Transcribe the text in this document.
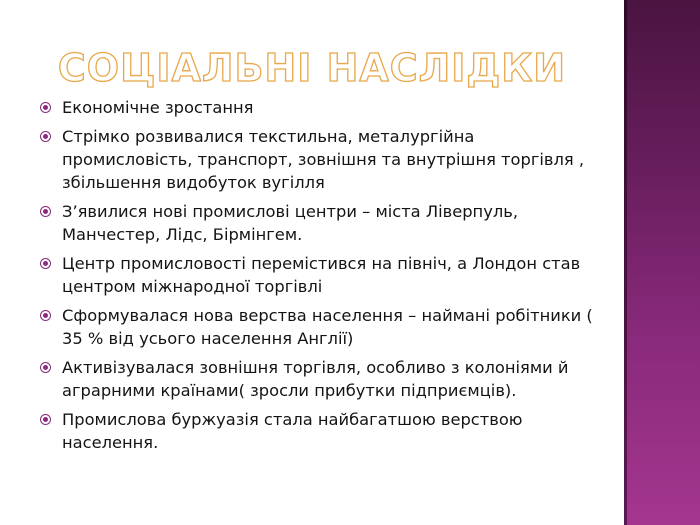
СОЦІАЛЬНІ НАСЛІДКИ
Економічне зростання
Стрімко розвивалися текстильна, металургійна промисловість, транспорт, зовнішня та внутрішня торгівля , збільшення видобуток вугілля
З’явилися нові промислові центри – міста Ліверпуль, Манчестер, Лідс, Бірмінгем.
Центр промисловості перемістився на північ, а Лондон став центром міжнародної торгівлі
Сформувалася нова верства населення – наймані робітники ( 35 % від усього населення Англії)
Активізувалася зовнішня торгівля, особливо з колоніями й аграрними країнами( зросли прибутки підприємців).
Промислова буржуазія стала найбагатшою верствою населення.
